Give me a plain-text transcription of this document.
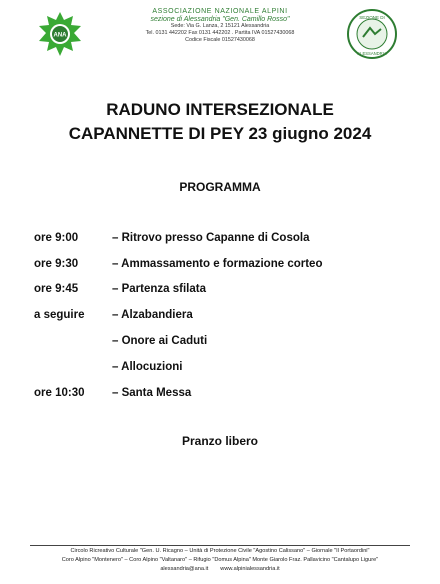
ANA
SEZIONE DI
ALESSANDRIA
ASSOCIAZIONE NAZIONALE ALPINI
sezione di Alessandria "Gen. Camillo Rosso"
Sede: Via G. Lanza, 2 15121 Alessandria
Tel. 0131 442202 Fax 0131 442202 . Partita IVA 01527430068
Codice Fiscale 01527430068
RADUNO INTERSEZIONALE
CAPANNETTE DI PEY 23 giugno 2024
PROGRAMMA
ore 9:00	– Ritrovo presso Capanne di Cosola
ore 9:30	– Ammassamento e formazione corteo
ore 9:45	– Partenza sfilata
a seguire – Alzabandiera
– Onore ai Caduti
– Allocuzioni
ore 10:30 – Santa Messa
Pranzo libero
Circolo Ricreativo Culturale "Gen. U. Ricagno – Unità di Protezione Civile "Agostino Calissano" – Giornale "Il Portaordini"
Coro Alpino "Montenero" – Coro Alpino "Valtanaro" – Rifugio "Domus Alpina" Monte Giarolo Fraz. Pallavicino "Cantalupo Ligure"
alessandria@ana.it www.alpinialessandria.it
